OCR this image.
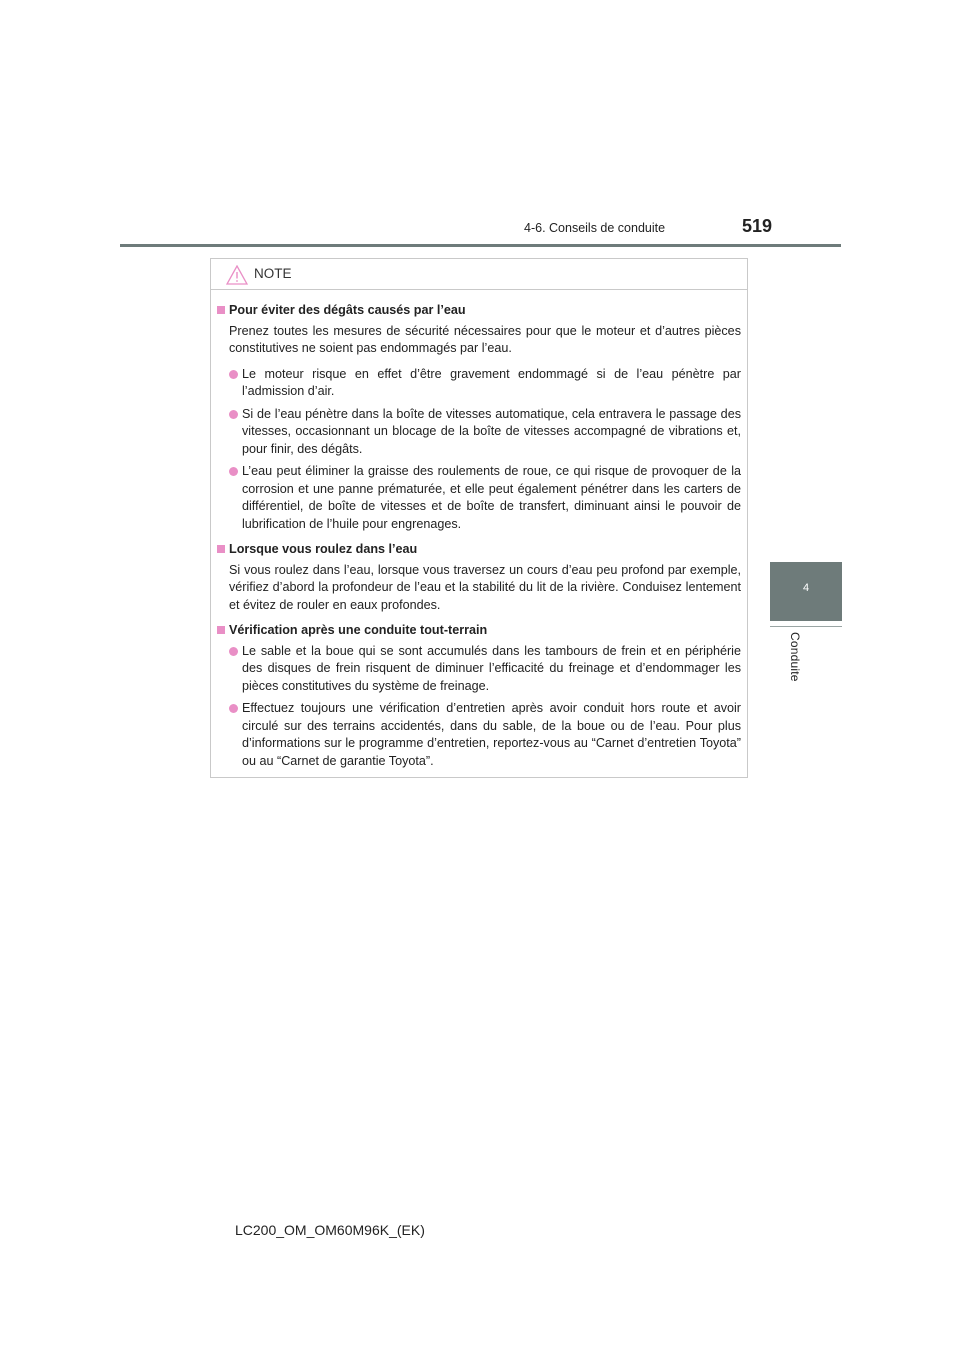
4-6. Conseils de conduite	519
4
Conduite
NOTE
Pour éviter des dégâts causés par l’eau
Prenez toutes les mesures de sécurité nécessaires pour que le moteur et d’autres pièces constitutives ne soient pas endommagés par l’eau.
Le moteur risque en effet d’être gravement endommagé si de l’eau pénètre par l’admission d’air.
Si de l’eau pénètre dans la boîte de vitesses automatique, cela entravera le passage des vitesses, occasionnant un blocage de la boîte de vitesses accompagné de vibrations et, pour finir, des dégâts.
L’eau peut éliminer la graisse des roulements de roue, ce qui risque de provoquer de la corrosion et une panne prématurée, et elle peut également pénétrer dans les carters de différentiel, de boîte de vitesses et de boîte de transfert, diminuant ainsi le pouvoir de lubrification de l’huile pour engrenages.
Lorsque vous roulez dans l’eau
Si vous roulez dans l’eau, lorsque vous traversez un cours d’eau peu profond par exemple, vérifiez d’abord la profondeur de l’eau et la stabilité du lit de la rivière. Conduisez lentement et évitez de rouler en eaux profondes.
Vérification après une conduite tout-terrain
Le sable et la boue qui se sont accumulés dans les tambours de frein et en périphérie des disques de frein risquent de diminuer l’efficacité du freinage et d’endommager les pièces constitutives du système de freinage.
Effectuez toujours une vérification d’entretien après avoir conduit hors route et avoir circulé sur des terrains accidentés, dans du sable, de la boue ou de l’eau. Pour plus d’informations sur le programme d’entretien, reportez-vous au “Carnet d’entretien Toyota” ou au “Carnet de garantie Toyota”.
LC200_OM_OM60M96K_(EK)
